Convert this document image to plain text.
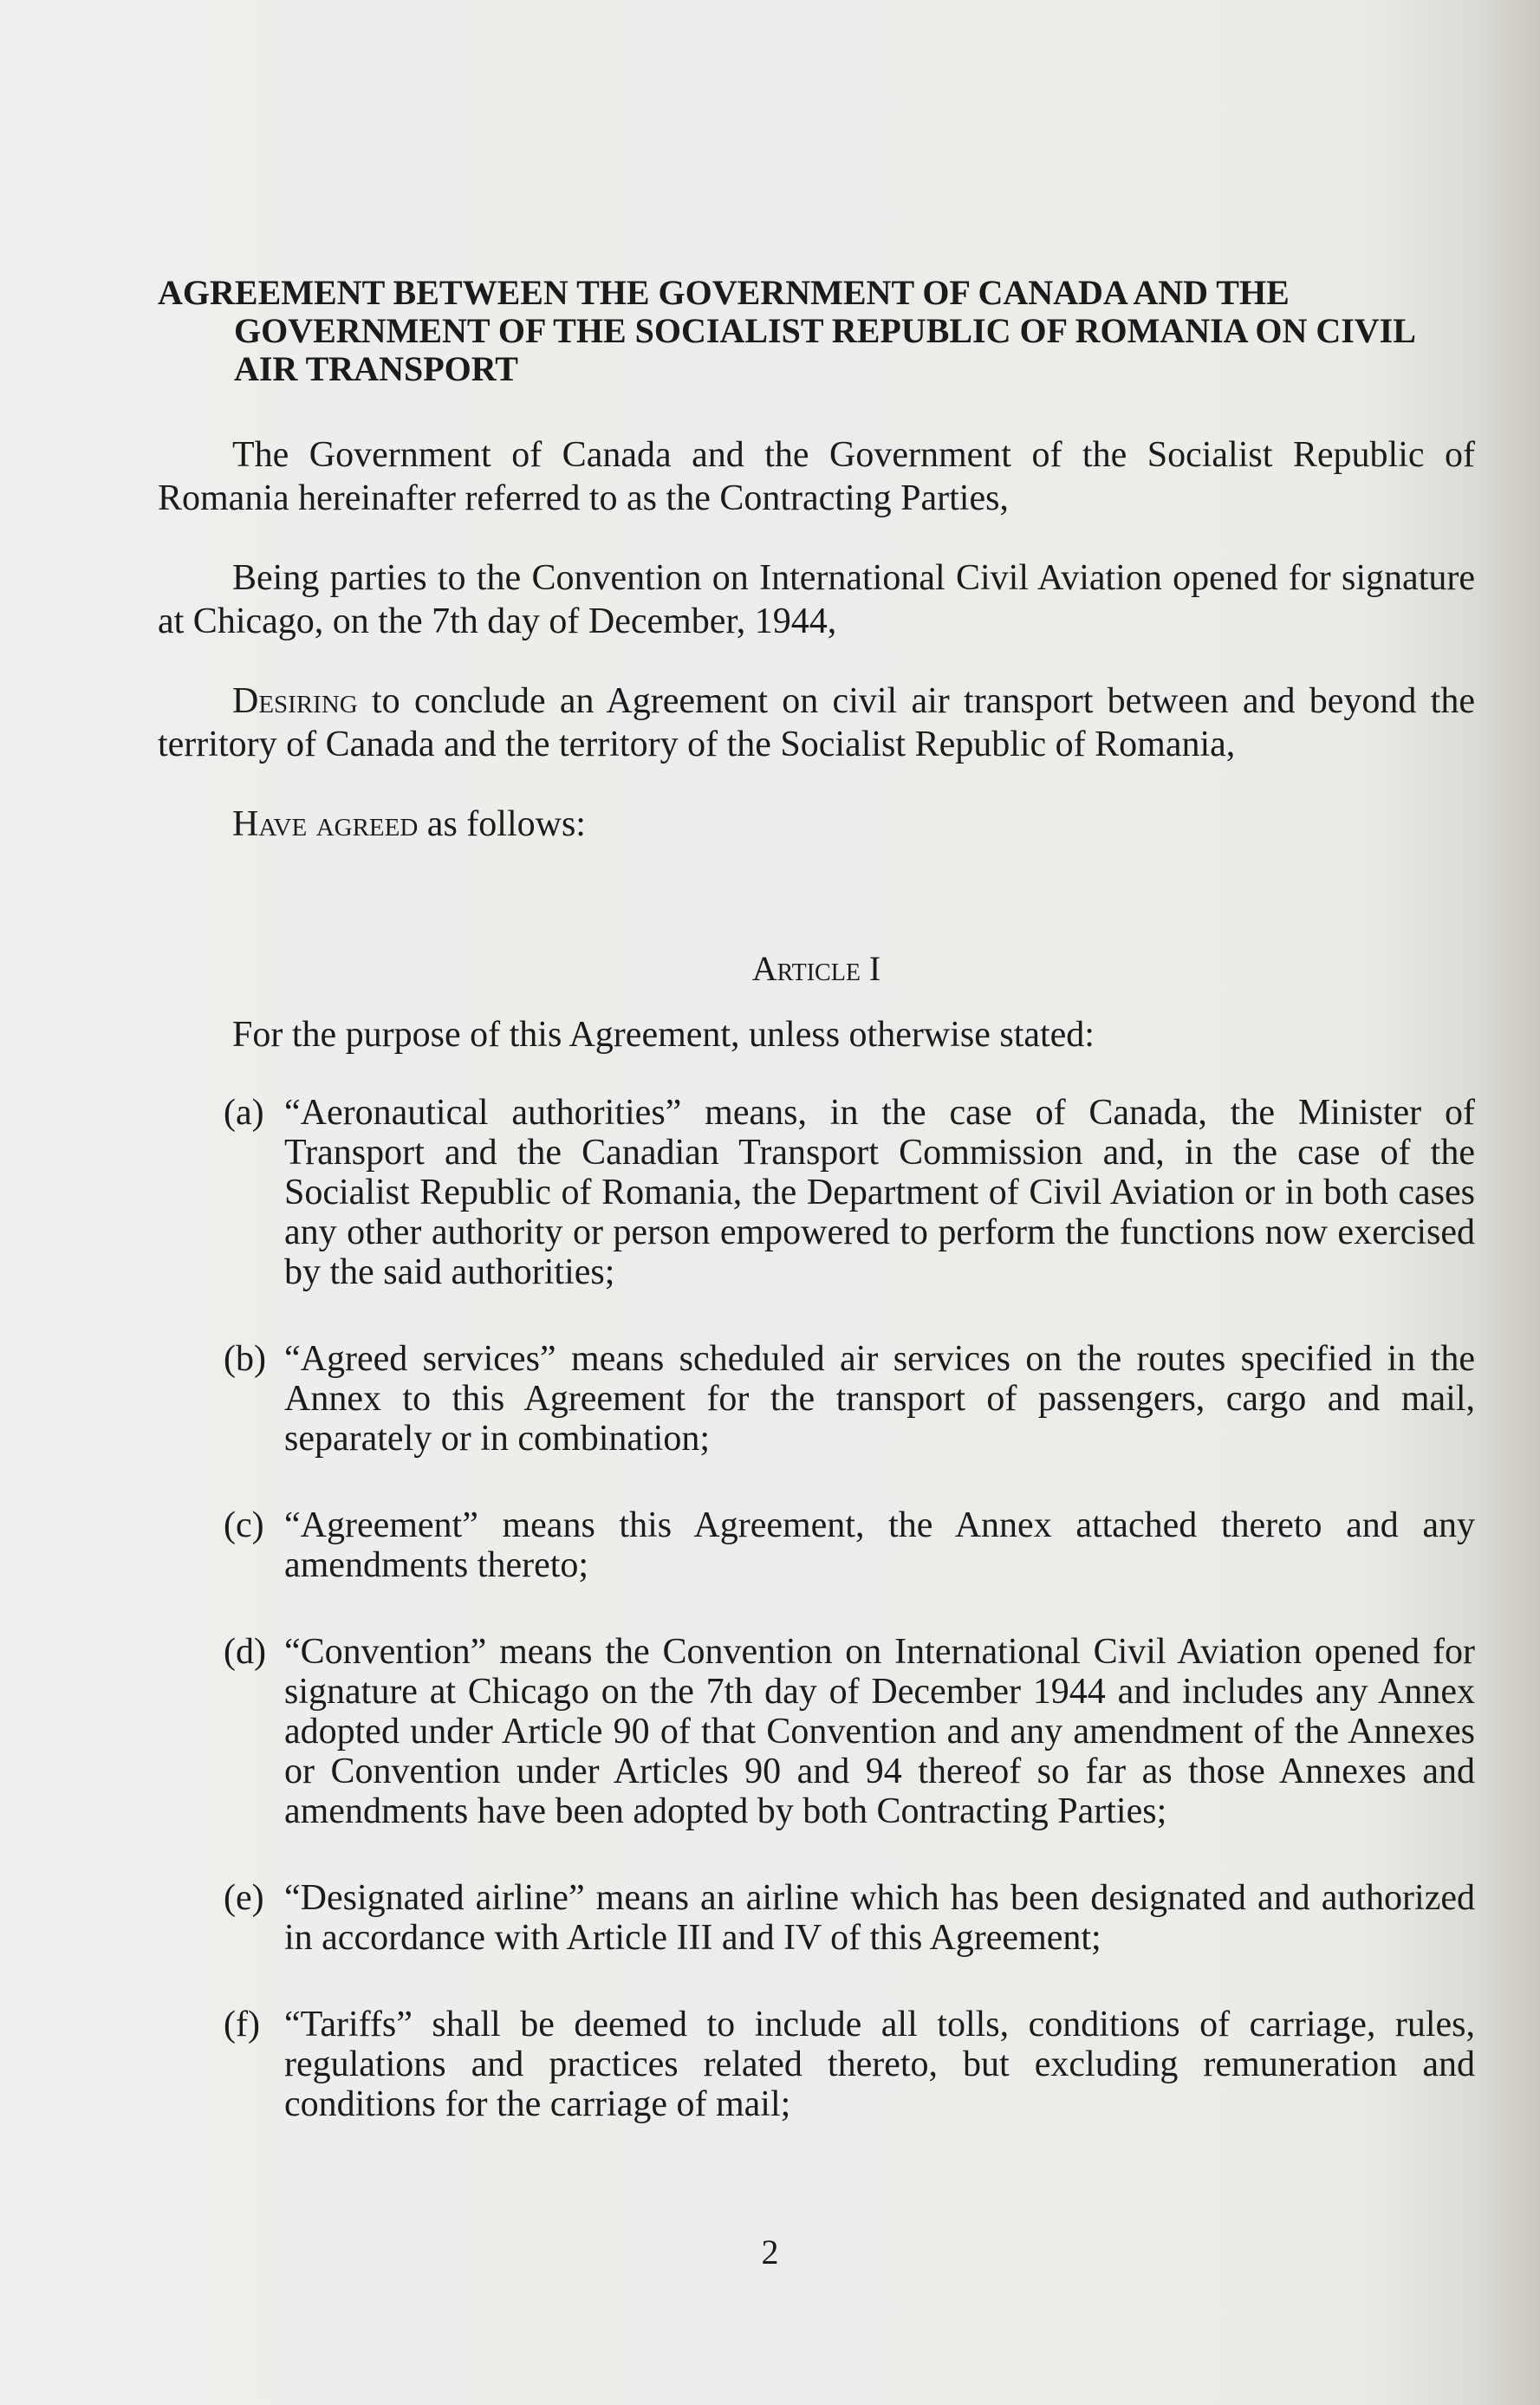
AGREEMENT BETWEEN THE GOVERNMENT OF CANADA AND THE GOVERNMENT OF THE SOCIALIST REPUBLIC OF ROMANIA ON CIVIL AIR TRANSPORT

The Government of Canada and the Government of the Socialist Republic of Romania hereinafter referred to as the Contracting Parties,

Being parties to the Convention on International Civil Aviation opened for signature at Chicago, on the 7th day of December, 1944,

Desiring to conclude an Agreement on civil air transport between and beyond the territory of Canada and the territory of the Socialist Republic of Romania,

Have agreed as follows:

Article I

For the purpose of this Agreement, unless otherwise stated:

(a) “Aeronautical authorities” means, in the case of Canada, the Minister of Transport and the Canadian Transport Commission and, in the case of the Socialist Republic of Romania, the Department of Civil Aviation or in both cases any other authority or person empowered to perform the functions now exercised by the said authorities;
(b) “Agreed services” means scheduled air services on the routes specified in the Annex to this Agreement for the transport of passengers, cargo and mail, separately or in combination;
(c) “Agreement” means this Agreement, the Annex attached thereto and any amendments thereto;
(d) “Convention” means the Convention on International Civil Aviation opened for signature at Chicago on the 7th day of December 1944 and includes any Annex adopted under Article 90 of that Convention and any amendment of the Annexes or Convention under Articles 90 and 94 thereof so far as those Annexes and amendments have been adopted by both Contracting Parties;
(e) “Designated airline” means an airline which has been designated and authorized in accordance with Article III and IV of this Agreement;
(f) “Tariffs” shall be deemed to include all tolls, conditions of carriage, rules, regulations and practices related thereto, but excluding remuneration and conditions for the carriage of mail;
2
